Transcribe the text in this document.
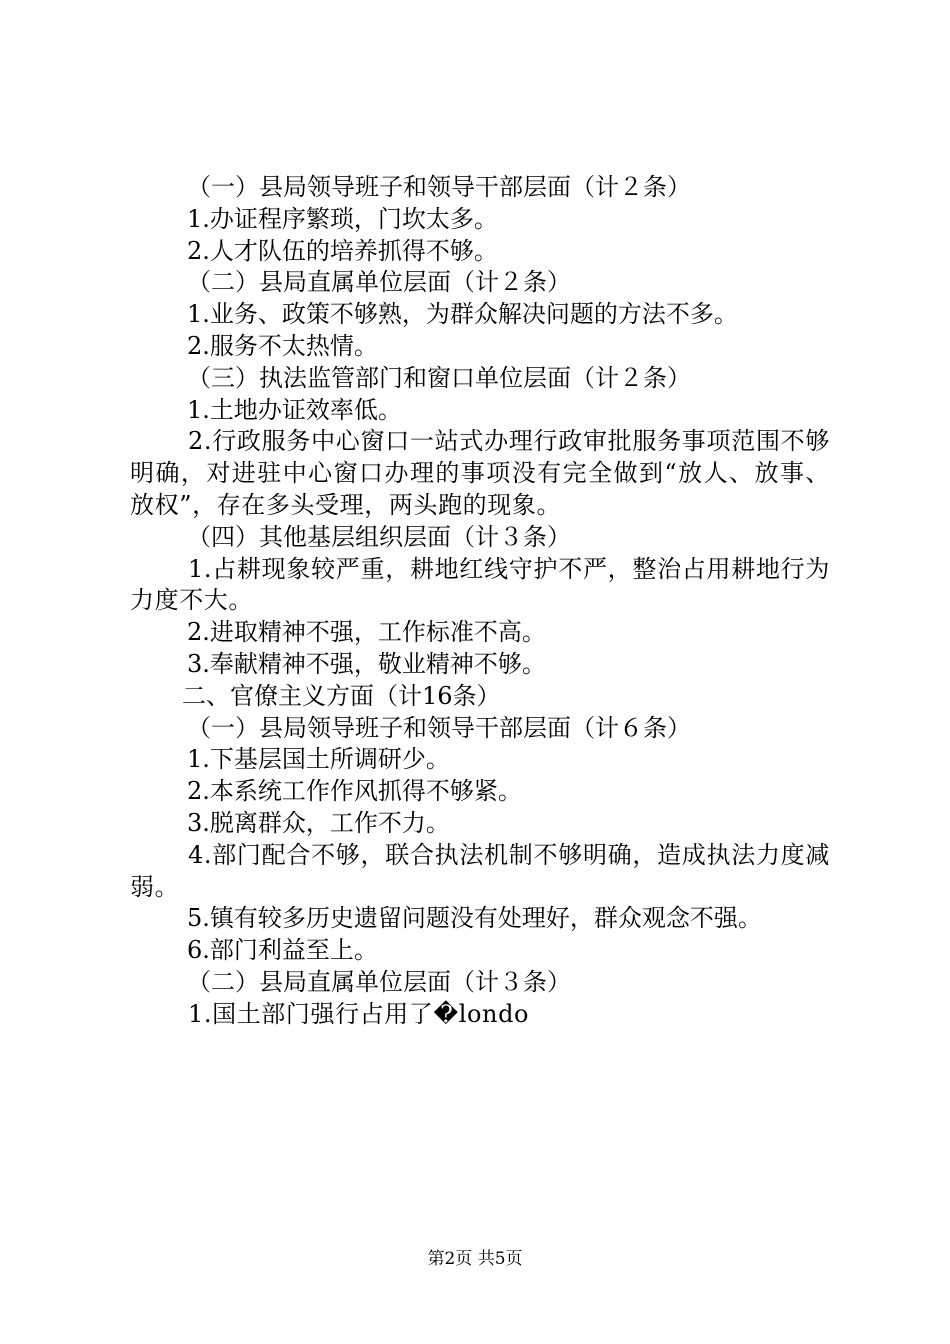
（一）县局领导班子和领导干部层面（计２条）

1.办证程序繁琐，门坎太多。

2.人才队伍的培养抓得不够。

（二）县局直属单位层面（计２条）

1.业务、政策不够熟，为群众解决问题的方法不多。

2.服务不太热情。

（三）执法监管部门和窗口单位层面（计２条）

1.土地办证效率低。

2.行政服务中心窗口一站式办理行政审批服务事项范围不够明确，对进驻中心窗口办理的事项没有完全做到“放人、放事、放权”，存在多头受理，两头跑的现象。

（四）其他基层组织层面（计３条）

1.占耕现象较严重，耕地红线守护不严，整治占用耕地行为力度不大。

2.进取精神不强，工作标准不高。

3.奉献精神不强，敬业精神不够。

二、官僚主义方面（计16条）

（一）县局领导班子和领导干部层面（计６条）

1.下基层国土所调研少。

2.本系统工作作风抓得不够紧。

3.脱离群众，工作不力。

4.部门配合不够，联合执法机制不够明确，造成执法力度减弱。

5.镇有较多历史遗留问题没有处理好，群众观念不强。

6.部门利益至上。

（二）县局直属单位层面（计３条）

1.国土部门强行占用了�londo

第2页 共5页
